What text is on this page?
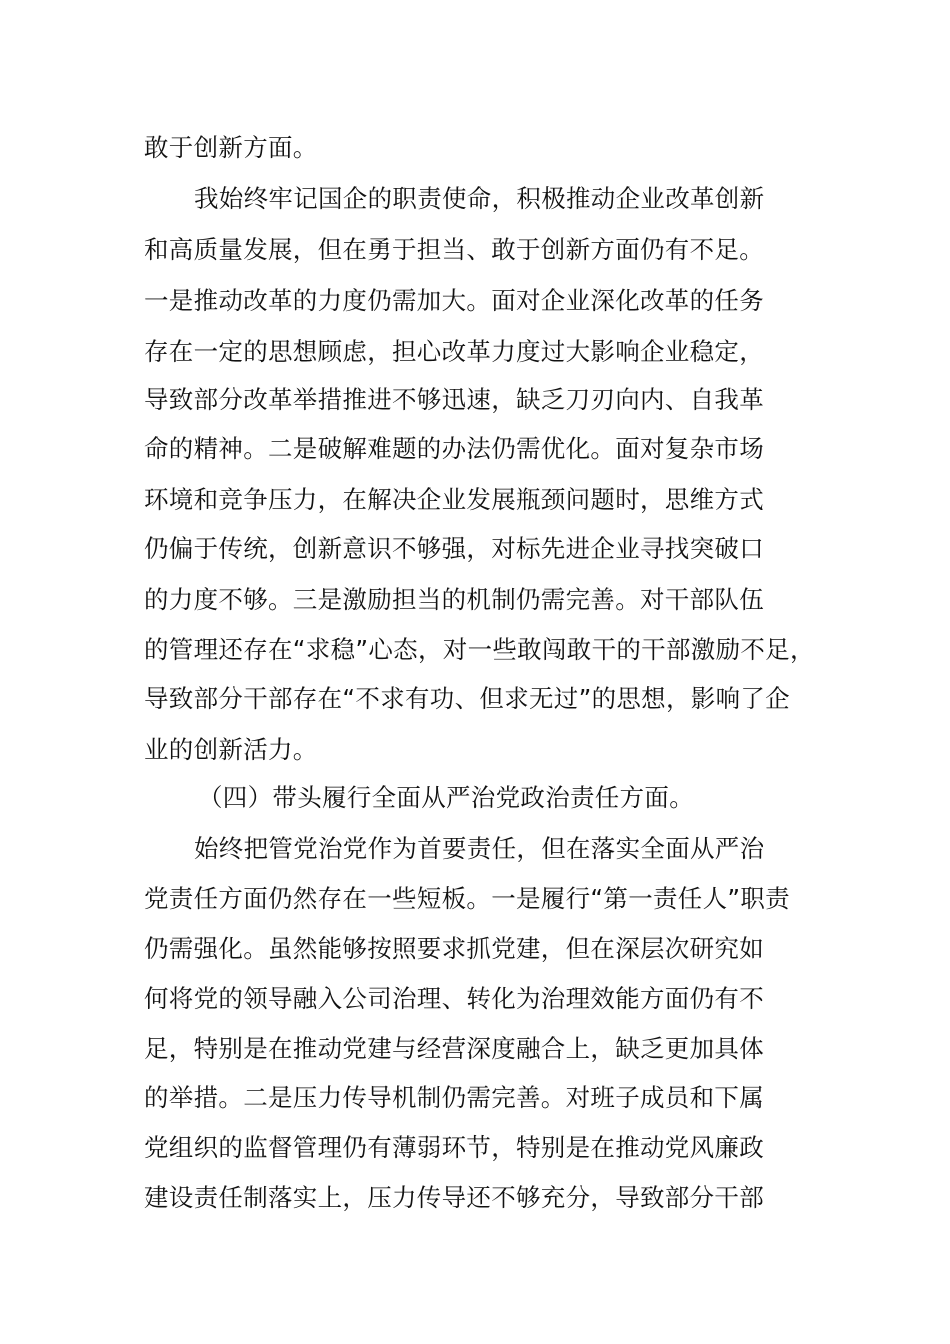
敢于创新方面。
我始终牢记国企的职责使命，积极推动企业改革创新
和高质量发展，但在勇于担当、敢于创新方面仍有不足。
一是推动改革的力度仍需加大。面对企业深化改革的任务
存在一定的思想顾虑，担心改革力度过大影响企业稳定，
导致部分改革举措推进不够迅速，缺乏刀刃向内、自我革
命的精神。二是破解难题的办法仍需优化。面对复杂市场
环境和竞争压力，在解决企业发展瓶颈问题时，思维方式
仍偏于传统，创新意识不够强，对标先进企业寻找突破口
的力度不够。三是激励担当的机制仍需完善。对干部队伍
的管理还存在“求稳”心态，对一些敢闯敢干的干部激励不足，
导致部分干部存在“不求有功、但求无过”的思想，影响了企
业的创新活力。
（四）带头履行全面从严治党政治责任方面。
始终把管党治党作为首要责任，但在落实全面从严治
党责任方面仍然存在一些短板。一是履行“第一责任人”职责
仍需强化。虽然能够按照要求抓党建，但在深层次研究如
何将党的领导融入公司治理、转化为治理效能方面仍有不
足，特别是在推动党建与经营深度融合上，缺乏更加具体
的举措。二是压力传导机制仍需完善。对班子成员和下属
党组织的监督管理仍有薄弱环节，特别是在推动党风廉政
建设责任制落实上，压力传导还不够充分，导致部分干部
